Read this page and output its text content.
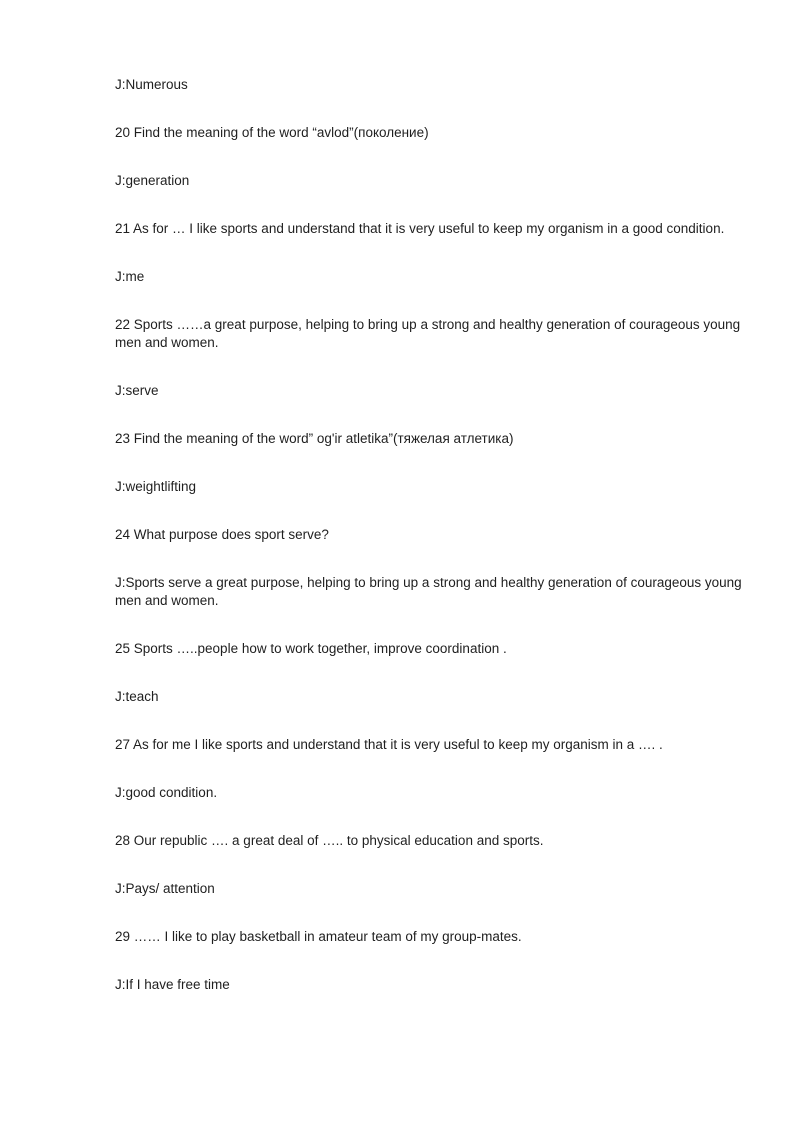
J:Numerous
20 Find the meaning of the word “avlod”(поколение)
J:generation
21 As for … I like sports and understand that it is very useful to keep my organism in a good condition.
J:me
22 Sports ……a great purpose, helping to bring up a strong and healthy generation of courageous young men and women.
J:serve
23 Find the meaning of the word” og'ir atletika”(тяжелая атлетика)
J:weightlifting
24 What purpose does sport serve?
J:Sports serve a great purpose, helping to bring up a strong and healthy generation of courageous young men and women.
25 Sports …..people how to work together, improve coordination .
J:teach
27 As for me I like sports and understand that it is very useful to keep my organism in a …. .
J:good condition.
28 Our republic …. a great deal of ….. to physical education and sports.
J:Pays/ attention
29 …… I like to play basketball in amateur team of my group-mates.
J:If I have free time
